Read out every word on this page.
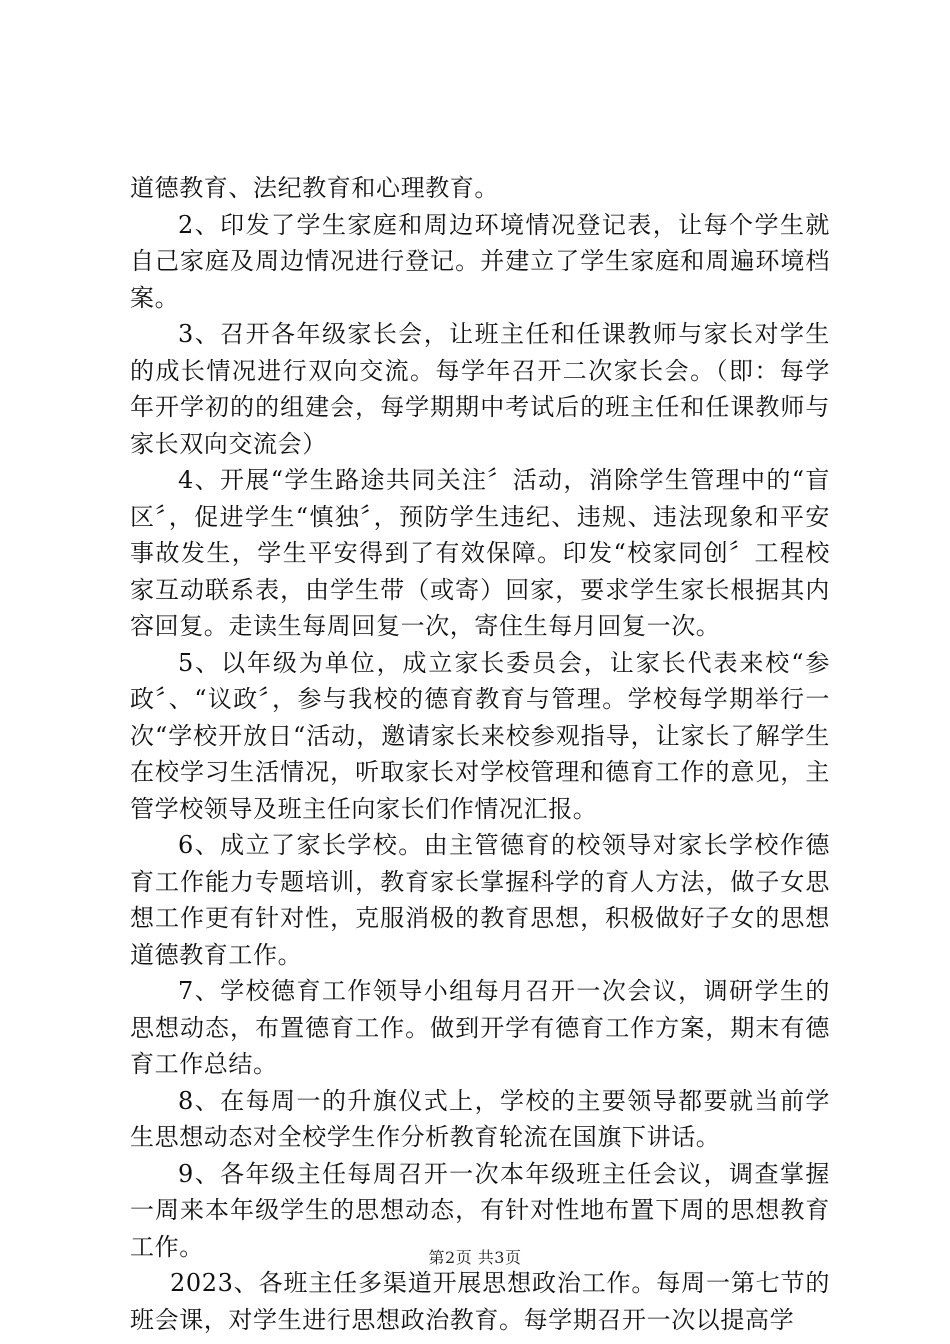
道德教育、法纪教育和心理教育。

2、印发了学生家庭和周边环境情况登记表，让每个学生就自己家庭及周边情况进行登记。并建立了学生家庭和周遍环境档案。

3、召开各年级家长会，让班主任和任课教师与家长对学生的成长情况进行双向交流。每学年召开二次家长会。（即：每学年开学初的的组建会，每学期期中考试后的班主任和任课教师与家长双向交流会）

4、开展“学生路途共同关注〞活动，消除学生管理中的“盲区〞，促进学生“慎独〞，预防学生违纪、违规、违法现象和平安事故发生，学生平安得到了有效保障。印发“校家同创〞工程校家互动联系表，由学生带（或寄）回家，要求学生家长根据其内容回复。走读生每周回复一次，寄住生每月回复一次。

5、以年级为单位，成立家长委员会，让家长代表来校“参政〞、“议政〞，参与我校的德育教育与管理。学校每学期举行一次“学校开放日“活动，邀请家长来校参观指导，让家长了解学生在校学习生活情况，听取家长对学校管理和德育工作的意见，主管学校领导及班主任向家长们作情况汇报。

6、成立了家长学校。由主管德育的校领导对家长学校作德育工作能力专题培训，教育家长掌握科学的育人方法，做子女思想工作更有针对性，克服消极的教育思想，积极做好子女的思想道德教育工作。

7、学校德育工作领导小组每月召开一次会议，调研学生的思想动态，布置德育工作。做到开学有德育工作方案，期末有德育工作总结。

8、在每周一的升旗仪式上，学校的主要领导都要就当前学生思想动态对全校学生作分析教育轮流在国旗下讲话。

9、各年级主任每周召开一次本年级班主任会议，调查掌握一周来本年级学生的思想动态，有针对性地布置下周的思想教育工作。

2023、各班主任多渠道开展思想政治工作。每周一第七节的班会课，对学生进行思想政治教育。每学期召开一次以提高学

第2页 共3页
